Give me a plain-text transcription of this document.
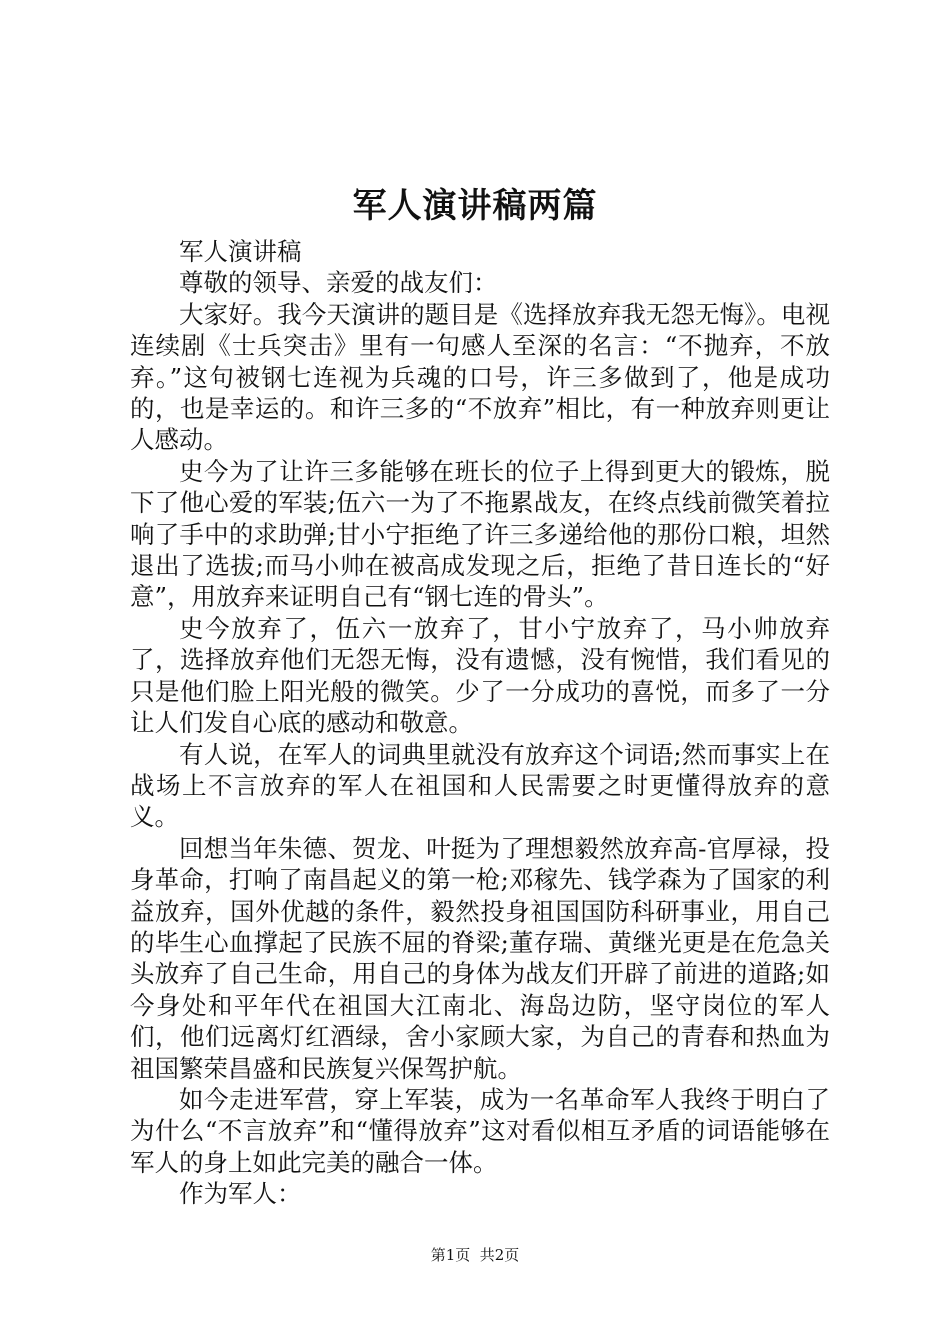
军人演讲稿两篇

军人演讲稿

尊敬的领导、亲爱的战友们：

大家好。我今天演讲的题目是《选择放弃我无怨无悔》。电视连续剧《士兵突击》里有一句感人至深的名言：“不抛弃，不放弃。”这句被钢七连视为兵魂的口号，许三多做到了，他是成功的，也是幸运的。和许三多的“不放弃”相比，有一种放弃则更让人感动。

史今为了让许三多能够在班长的位子上得到更大的锻炼，脱下了他心爱的军装;伍六一为了不拖累战友，在终点线前微笑着拉响了手中的求助弹;甘小宁拒绝了许三多递给他的那份口粮，坦然退出了选拔;而马小帅在被高成发现之后，拒绝了昔日连长的“好意”，用放弃来证明自己有“钢七连的骨头”。

史今放弃了，伍六一放弃了，甘小宁放弃了，马小帅放弃了，选择放弃他们无怨无悔，没有遗憾，没有惋惜，我们看见的只是他们脸上阳光般的微笑。少了一分成功的喜悦，而多了一分让人们发自心底的感动和敬意。

有人说，在军人的词典里就没有放弃这个词语;然而事实上在战场上不言放弃的军人在祖国和人民需要之时更懂得放弃的意义。

回想当年朱德、贺龙、叶挺为了理想毅然放弃高-官厚禄，投身革命，打响了南昌起义的第一枪;邓稼先、钱学森为了国家的利益放弃，国外优越的条件，毅然投身祖国国防科研事业，用自己的毕生心血撑起了民族不屈的脊梁;董存瑞、黄继光更是在危急关头放弃了自己生命，用自己的身体为战友们开辟了前进的道路;如今身处和平年代在祖国大江南北、海岛边防，坚守岗位的军人们，他们远离灯红酒绿，舍小家顾大家，为自己的青春和热血为祖国繁荣昌盛和民族复兴保驾护航。

如今走进军营，穿上军装，成为一名革命军人我终于明白了为什么“不言放弃”和“懂得放弃”这对看似相互矛盾的词语能够在军人的身上如此完美的融合一体。

作为军人：

第1页  共2页
